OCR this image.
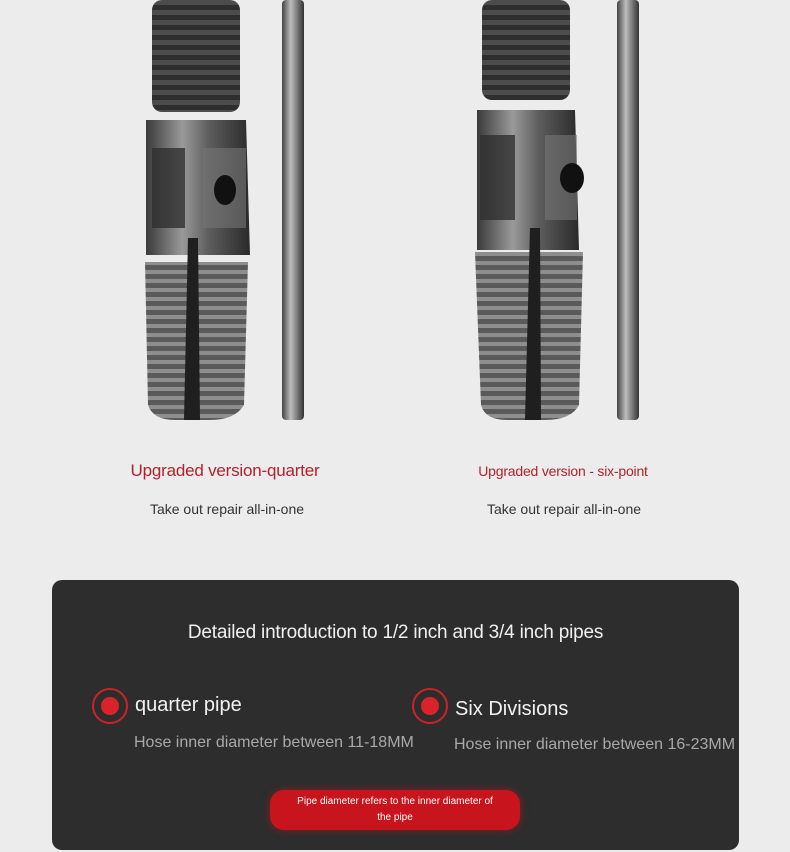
Upgraded version-quarter
Take out repair all-in-one
Upgraded version - six-point
Take out repair all-in-one
Detailed introduction to 1/2 inch and 3/4 inch pipes
quarter pipe
Hose inner diameter between 11-18MM
Six Divisions
Hose inner diameter between 16-23MM
Pipe diameter refers to the inner diameter of the pipe
